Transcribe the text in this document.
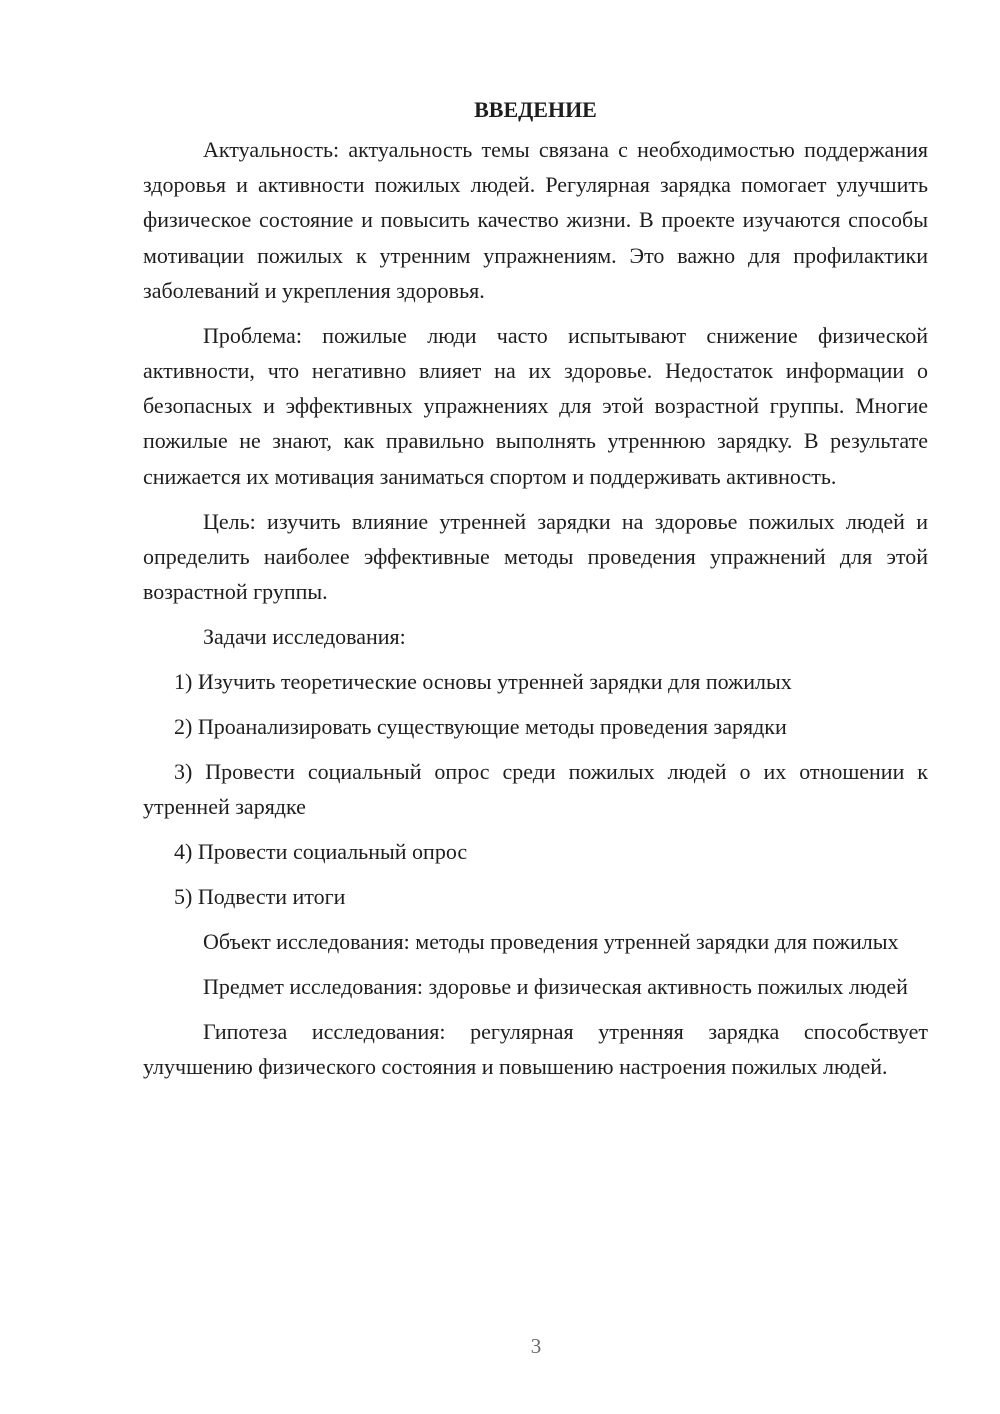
ВВЕДЕНИЕ

Актуальность: актуальность темы связана с необходимостью поддержания здоровья и активности пожилых людей. Регулярная зарядка помогает улучшить физическое состояние и повысить качество жизни. В проекте изучаются способы мотивации пожилых к утренним упражнениям. Это важно для профилактики заболеваний и укрепления здоровья.

Проблема: пожилые люди часто испытывают снижение физической активности, что негативно влияет на их здоровье. Недостаток информации о безопасных и эффективных упражнениях для этой возрастной группы. Многие пожилые не знают, как правильно выполнять утреннюю зарядку. В результате снижается их мотивация заниматься спортом и поддерживать активность.

Цель: изучить влияние утренней зарядки на здоровье пожилых людей и определить наиболее эффективные методы проведения упражнений для этой возрастной группы.

Задачи исследования:

1) Изучить теоретические основы утренней зарядки для пожилых

2) Проанализировать существующие методы проведения зарядки

3) Провести социальный опрос среди пожилых людей о их отношении к утренней зарядке

4) Провести социальный опрос

5) Подвести итоги

Объект исследования: методы проведения утренней зарядки для пожилых

Предмет исследования: здоровье и физическая активность пожилых людей

Гипотеза исследования: регулярная утренняя зарядка способствует улучшению физического состояния и повышению настроения пожилых людей.

3
